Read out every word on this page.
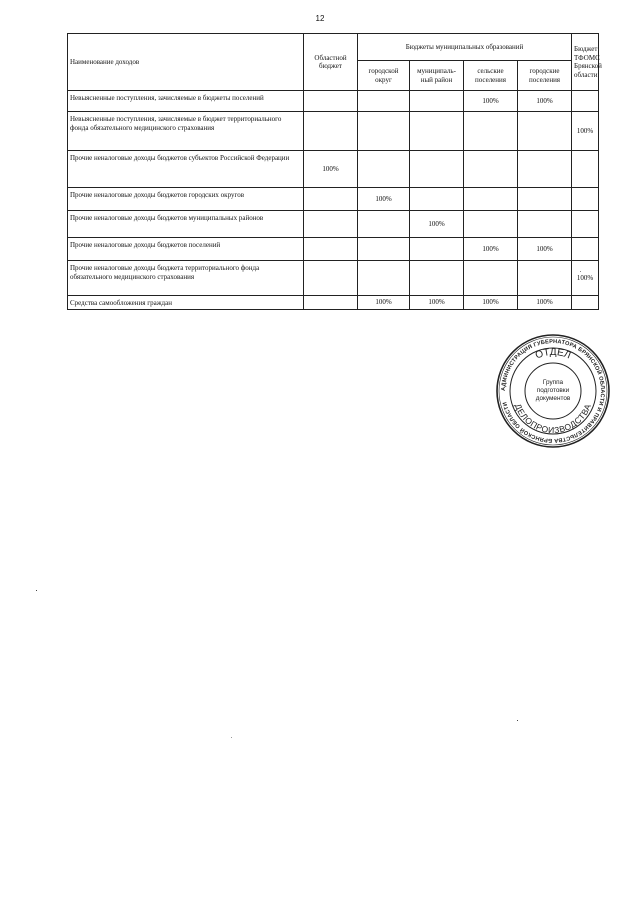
12
Наименование доходов	Областной бюджет	Бюджеты муниципальных образований				Бюджет ТФОМС Брянской области
		городской округ	муниципаль-ный район	сельские поселения	городские поселения	
Невыясненные поступления, зачисляемые в бюджеты поселений				100%	100%	
Невыясненные поступления, зачисляемые в бюджет территориального фонда обязательного медицинского страхования						100%
Прочие неналоговые доходы бюджетов субъектов Российской Федерации	100%					
Прочие неналоговые доходы бюджетов городских округов		100%				
Прочие неналоговые доходы бюджетов муниципальных районов			100%			
Прочие неналоговые доходы бюджетов поселений				100%	100%	
Прочие неналоговые доходы бюджета территориального фонда обязательного медицинского страхования						100%
Средства самообложения граждан		100%	100%	100%	100%	
АДМИНИСТРАЦИЯ ГУБЕРНАТОРА БРЯНСКОЙ ОБЛАСТИ И ПРАВИТЕЛЬСТВА БРЯНСКОЙ ОБЛАСТИ
ОТДЕЛ
ДЕЛОПРОИЗВОДСТВА
Группа
подготовки
документов
